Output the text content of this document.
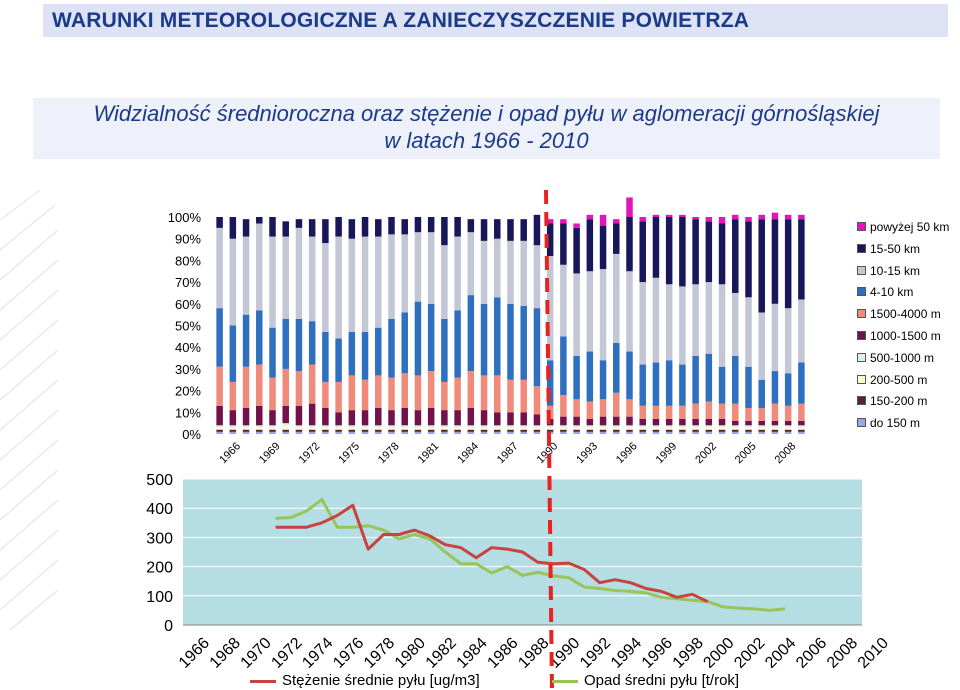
WARUNKI METEOROLOGICZNE A ZANIECZYSZCZENIE POWIETRZA
Widzialność średnioroczna oraz stężenie i opad pyłu w aglomeracji górnośląskiej
w latach 1966 - 2010
0%
10%
20%
30%
40%
50%
60%
70%
80%
90%
100%
1966 1969 1972 1975 1978 1981 1984 1987 1990 1993 1996 1999 2002 2005 2008
0
100
200
300
400
500
1966
1968
1970
1972
1974
1976
1978
1980
1982
1984
1986
1988
1990
1992
1994
1996
1998
2000
2002
2004
2006
2008
2010
powyżej 50 km
15-50 km
10-15 km
4-10 km
1500-4000 m
1000-1500 m
500-1000 m
200-500 m
150-200 m
do 150 m
Stężenie średnie pyłu [ug/m3]	Opad średni pyłu [t/rok]
